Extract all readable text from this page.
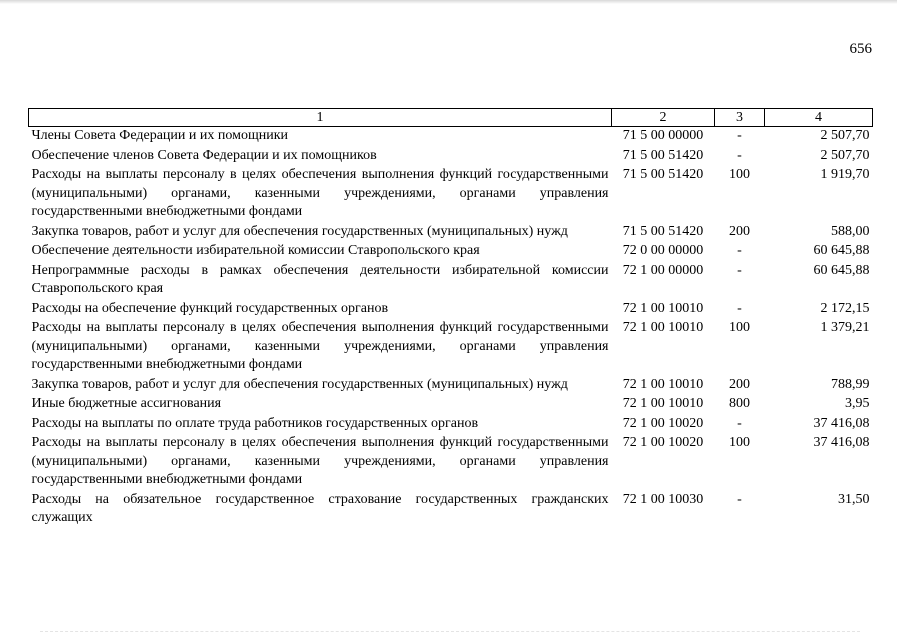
656
1	2	3	4
Члены Совета Федерации и их помощники	71 5 00 00000	-	2 507,70
Обеспечение членов Совета Федерации и их помощников	71 5 00 51420	-	2 507,70
Расходы на выплаты персоналу в целях обеспечения выполнения функций государственными (муниципальными) органами, казенными учреждениями, органами управления государственными внебюджетными фондами	71 5 00 51420	100	1 919,70
Закупка товаров, работ и услуг для обеспечения государственных (муниципальных) нужд	71 5 00 51420	200	588,00
Обеспечение деятельности избирательной комиссии Ставропольского края	72 0 00 00000	-	60 645,88
Непрограммные расходы в рамках обеспечения деятельности избирательной комиссии Ставропольского края	72 1 00 00000	-	60 645,88
Расходы на обеспечение функций государственных органов	72 1 00 10010	-	2 172,15
Расходы на выплаты персоналу в целях обеспечения выполнения функций государственными (муниципальными) органами, казенными учреждениями, органами управления государственными внебюджетными фондами	72 1 00 10010	100	1 379,21
Закупка товаров, работ и услуг для обеспечения государственных (муниципальных) нужд	72 1 00 10010	200	788,99
Иные бюджетные ассигнования	72 1 00 10010	800	3,95
Расходы на выплаты по оплате труда работников государственных органов	72 1 00 10020	-	37 416,08
Расходы на выплаты персоналу в целях обеспечения выполнения функций государственными (муниципальными) органами, казенными учреждениями, органами управления государственными внебюджетными фондами	72 1 00 10020	100	37 416,08
Расходы на обязательное государственное страхование государственных гражданских служащих	72 1 00 10030	-	31,50
